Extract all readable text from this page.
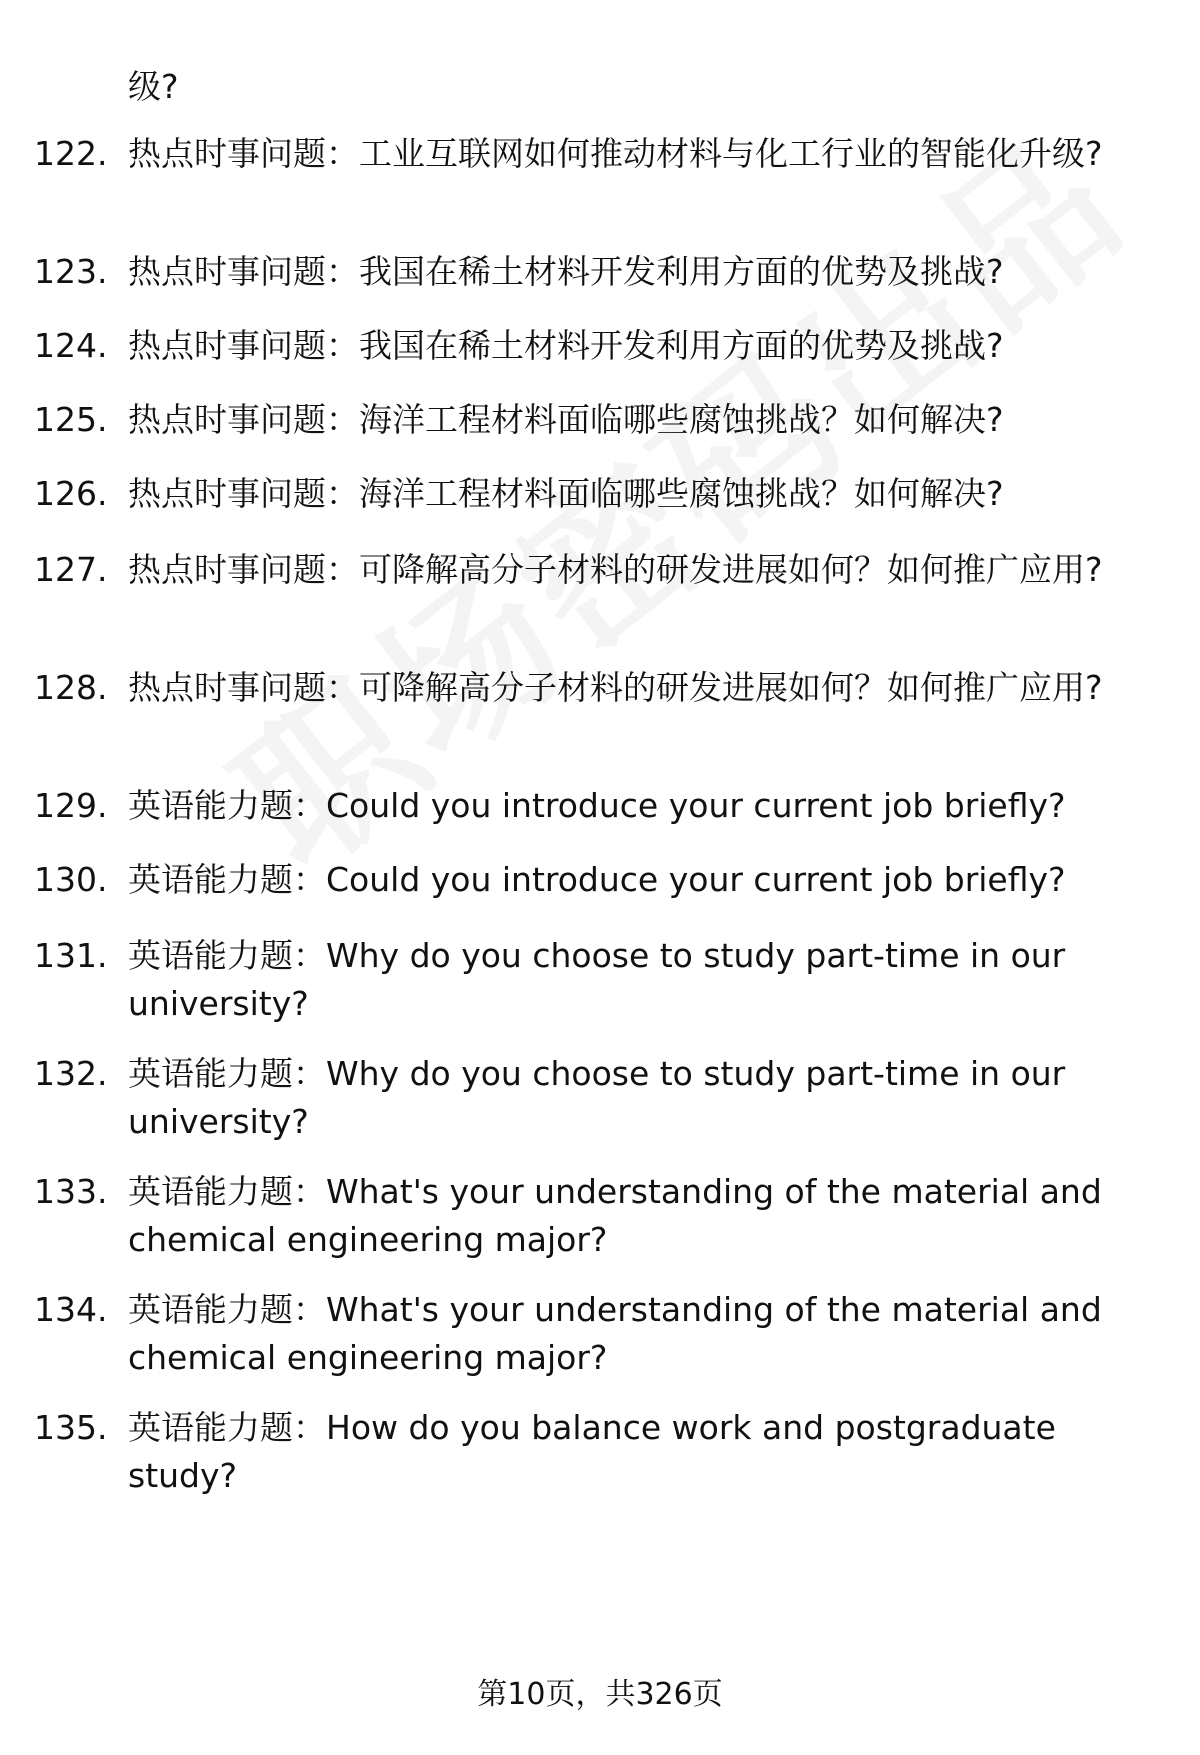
级?
122. 热点时事问题：工业互联网如何推动材料与化工行业的智能化升级?
123. 热点时事问题：我国在稀土材料开发利用方面的优势及挑战?
124. 热点时事问题：我国在稀土材料开发利用方面的优势及挑战?
125. 热点时事问题：海洋工程材料面临哪些腐蚀挑战？如何解决?
126. 热点时事问题：海洋工程材料面临哪些腐蚀挑战？如何解决?
127. 热点时事问题：可降解高分子材料的研发进展如何？如何推广应用?
128. 热点时事问题：可降解高分子材料的研发进展如何？如何推广应用?
129. 英语能力题：Could you introduce your current job briefly?
130. 英语能力题：Could you introduce your current job briefly?
131. 英语能力题：Why do you choose to study part-time in our university?
132. 英语能力题：Why do you choose to study part-time in our university?
133. 英语能力题：What's your understanding of the material and chemical engineering major?
134. 英语能力题：What's your understanding of the material and chemical engineering major?
135. 英语能力题：How do you balance work and postgraduate study?
第10页，共326页
